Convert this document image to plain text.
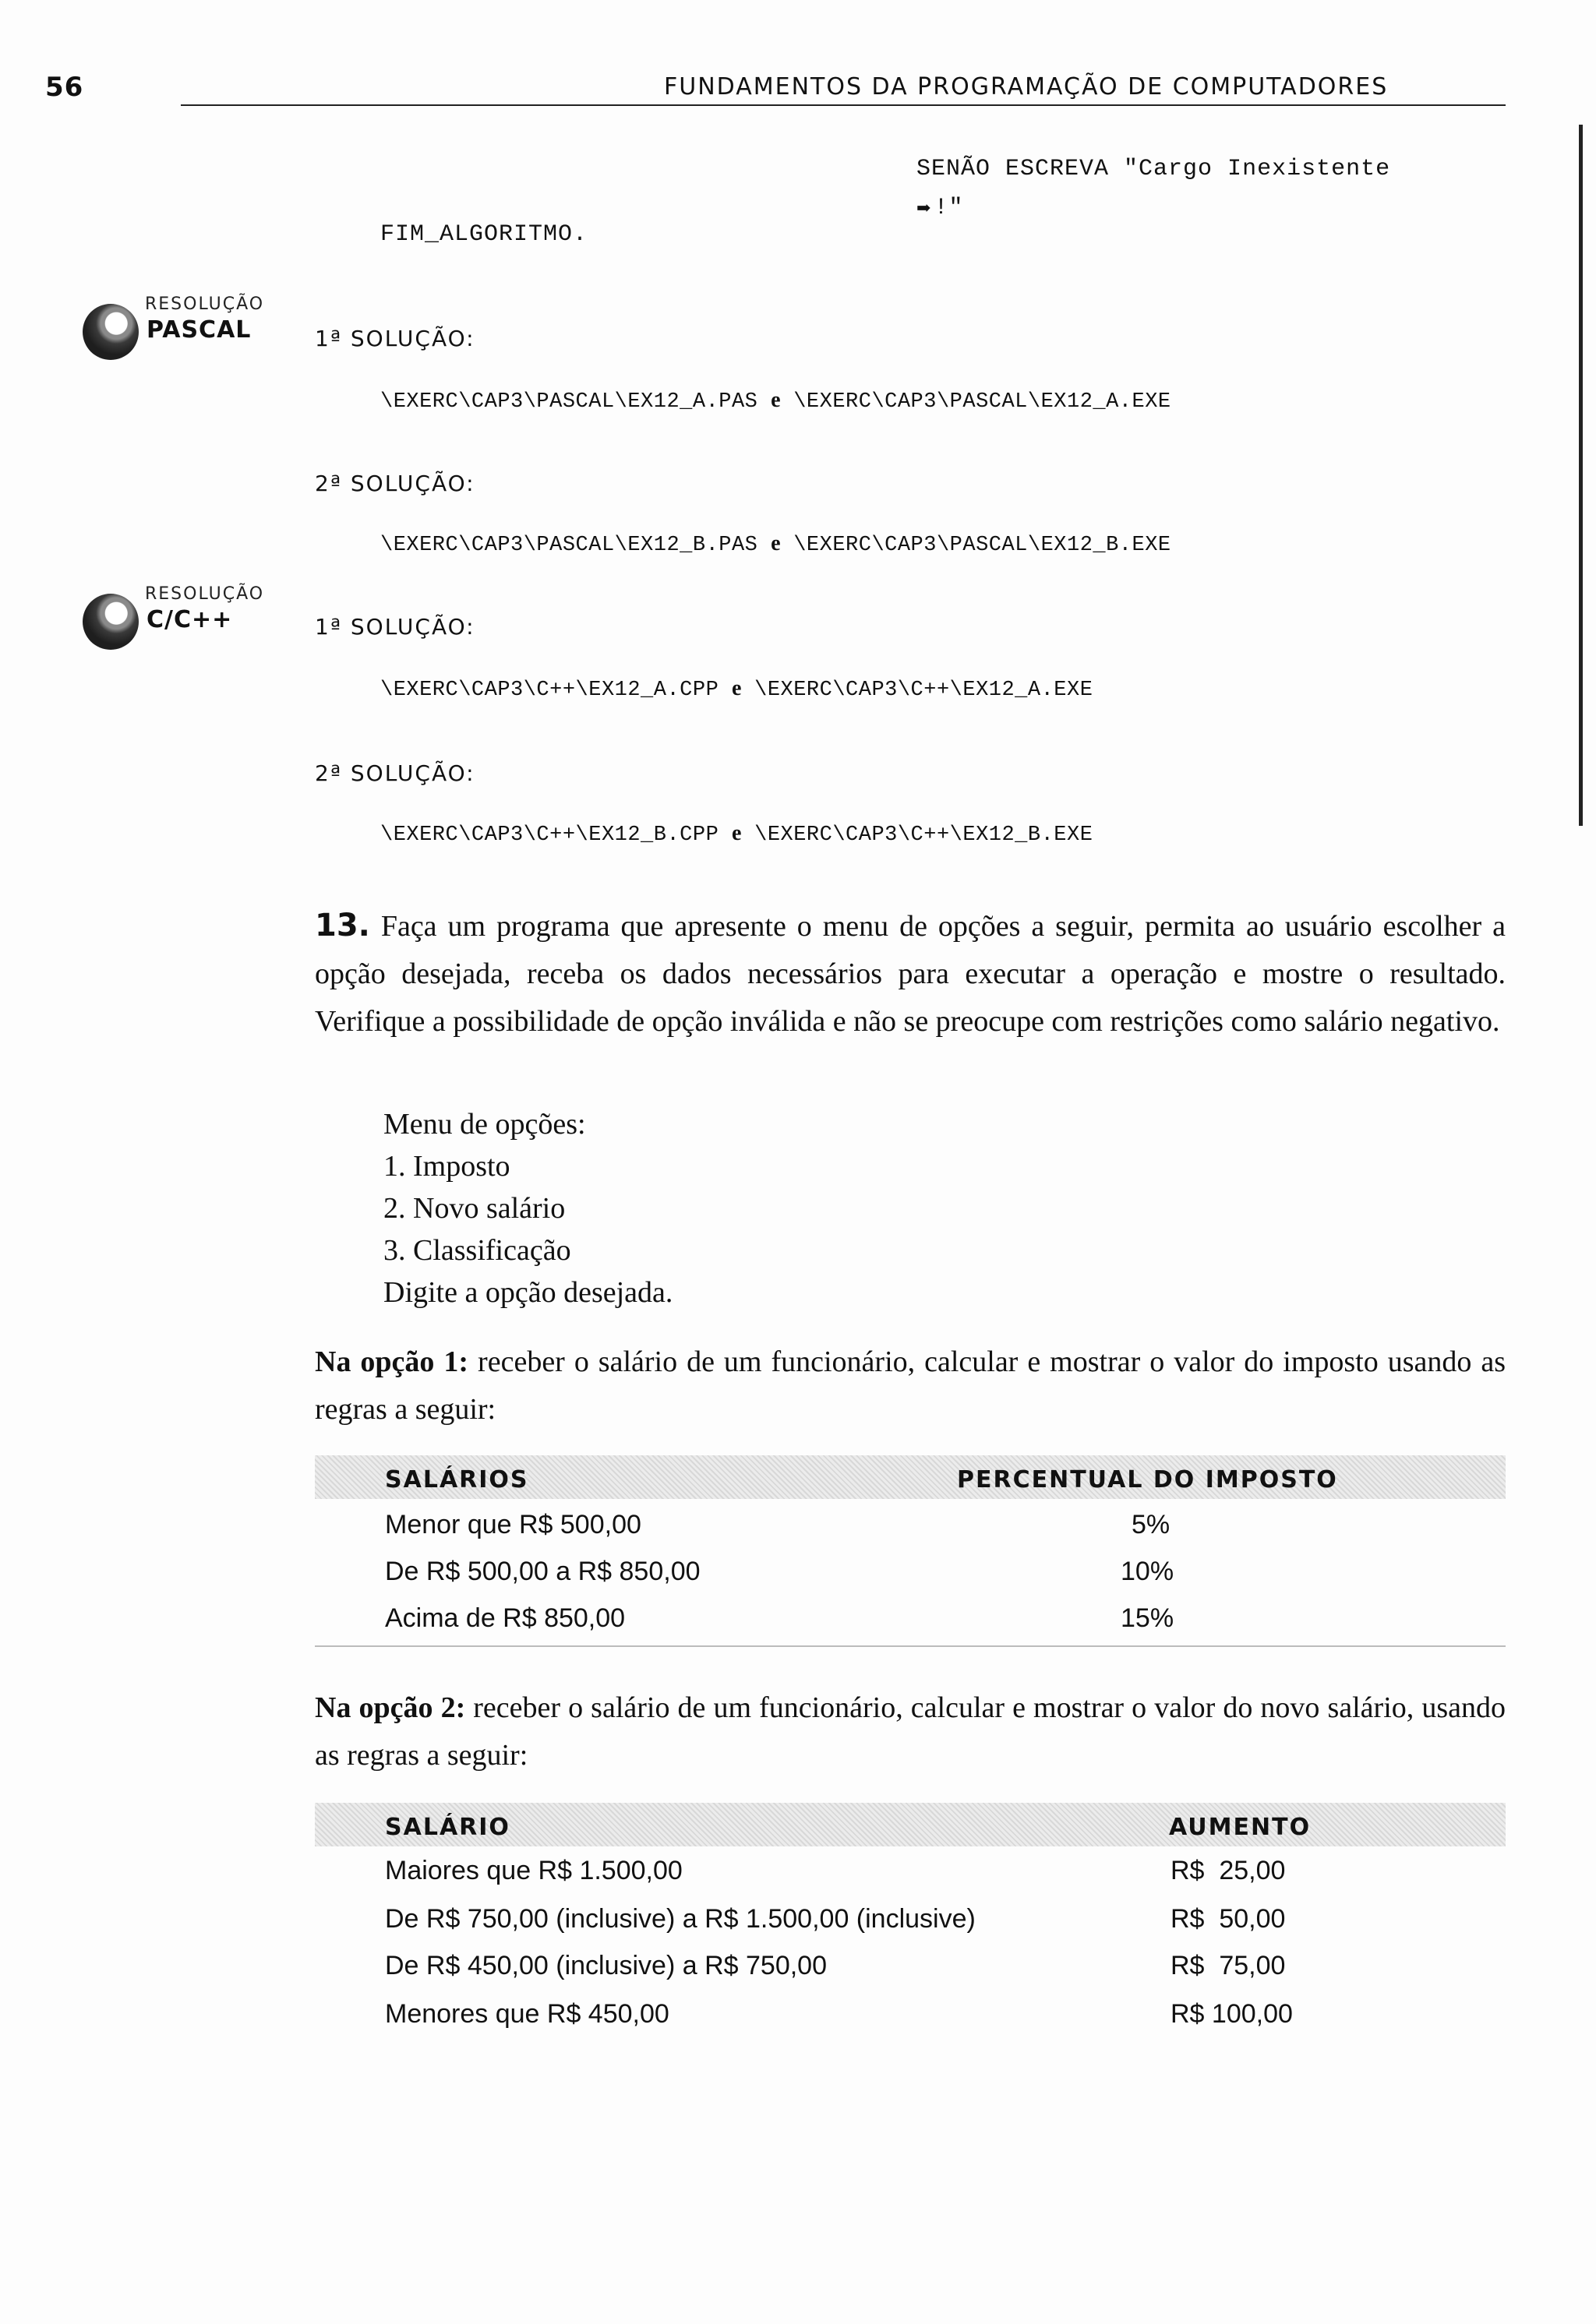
56	FUNDAMENTOS DA PROGRAMAÇÃO DE COMPUTADORES
SENÃO ESCREVA "Cargo Inexistente
➡ !"
FIM_ALGORITMO.
RESOLUÇÃO
PASCAL	1ª SOLUÇÃO:
\EXERC\CAP3\PASCAL\EX12_A.PAS e \EXERC\CAP3\PASCAL\EX12_A.EXE
2ª SOLUÇÃO:
\EXERC\CAP3\PASCAL\EX12_B.PAS e \EXERC\CAP3\PASCAL\EX12_B.EXE
RESOLUÇÃO
C/C++	1ª SOLUÇÃO:
\EXERC\CAP3\C++\EX12_A.CPP e \EXERC\CAP3\C++\EX12_A.EXE
2ª SOLUÇÃO:
\EXERC\CAP3\C++\EX12_B.CPP e \EXERC\CAP3\C++\EX12_B.EXE
13. Faça um programa que apresente o menu de opções a seguir, permita ao usuário escolher a opção desejada, receba os dados necessários para executar a operação e mostre o resultado. Verifique a possibilidade de opção inválida e não se preocupe com restrições como salário negativo.
Menu de opções:
1. Imposto
2. Novo salário
3. Classificação
Digite a opção desejada.
Na opção 1: receber o salário de um funcionário, calcular e mostrar o valor do imposto usando as regras a seguir:
SALÁRIOS	PERCENTUAL DO IMPOSTO
Menor que R$ 500,00	5%
De R$ 500,00 a R$ 850,00	10%
Acima de R$ 850,00	15%
Na opção 2: receber o salário de um funcionário, calcular e mostrar o valor do novo salário, usando as regras a seguir:
SALÁRIO	AUMENTO
Maiores que R$ 1.500,00	R$  25,00
De R$ 750,00 (inclusive) a R$ 1.500,00 (inclusive)	R$  50,00
De R$ 450,00 (inclusive) a R$ 750,00	R$  75,00
Menores que R$ 450,00	R$ 100,00
